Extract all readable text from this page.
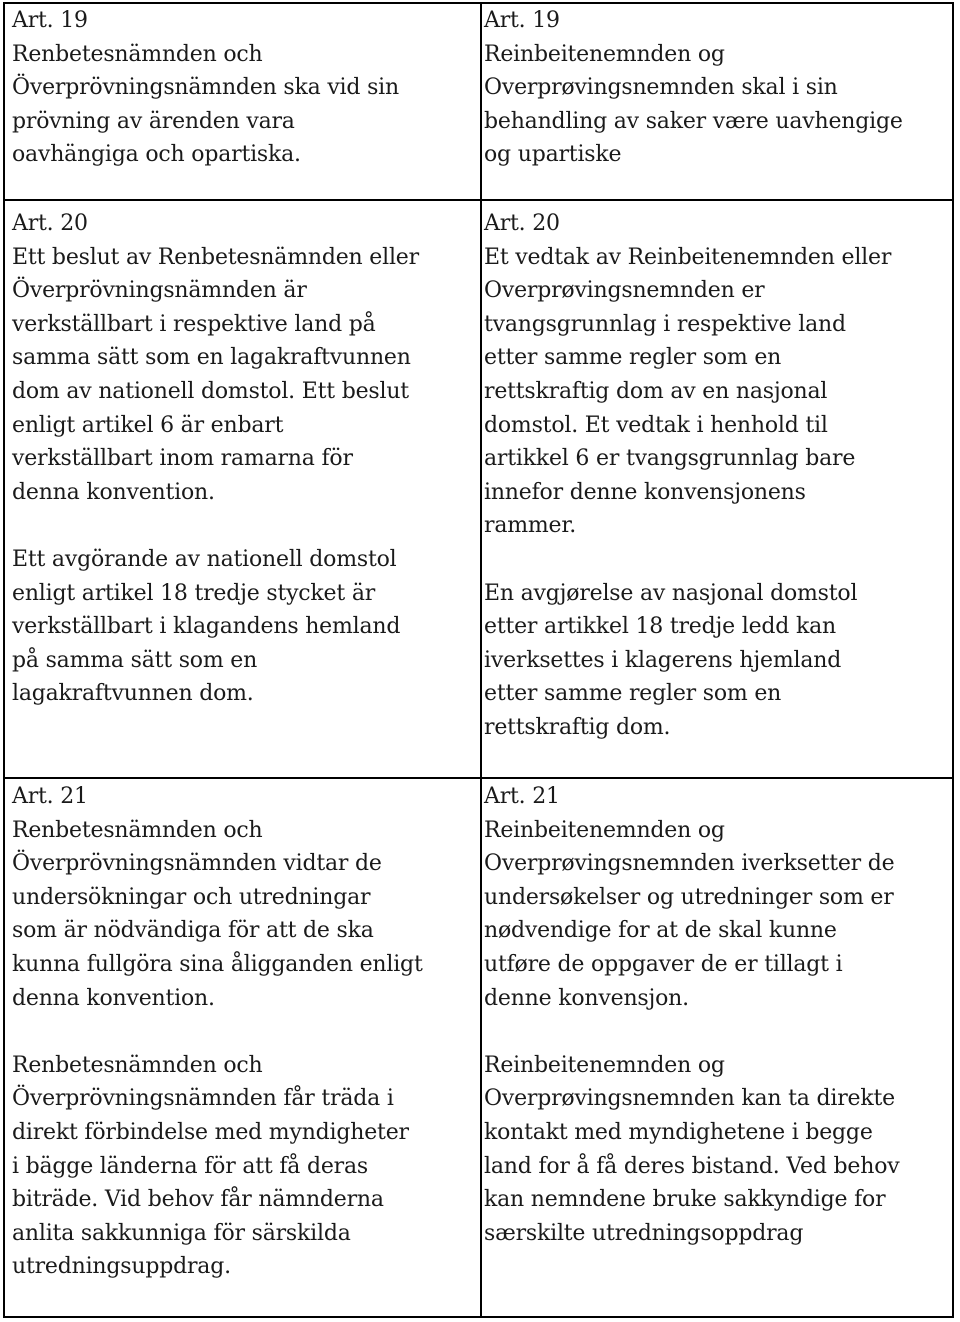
Art. 19
Renbetesnämnden och
Överprövningsnämnden ska vid sin
prövning av ärenden vara
oavhängiga och opartiska.

Art. 19
Reinbeitenemnden og
Overprøvingsnemnden skal i sin
behandling av saker være uavhengige
og upartiske

Art. 20
Ett beslut av Renbetesnämnden eller
Överprövningsnämnden är
verkställbart i respektive land på
samma sätt som en lagakraftvunnen
dom av nationell domstol. Ett beslut
enligt artikel 6 är enbart
verkställbart inom ramarna för
denna konvention.

Ett avgörande av nationell domstol
enligt artikel 18 tredje stycket är
verkställbart i klagandens hemland
på samma sätt som en
lagakraftvunnen dom.

Art. 20
Et vedtak av Reinbeitenemnden eller
Overprøvingsnemnden er
tvangsgrunnlag i respektive land
etter samme regler som en
rettskraftig dom av en nasjonal
domstol. Et vedtak i henhold til
artikkel 6 er tvangsgrunnlag bare
innefor denne konvensjonens
rammer.

En avgjørelse av nasjonal domstol
etter artikkel 18 tredje ledd kan
iverksettes i klagerens hjemland
etter samme regler som en
rettskraftig dom.

Art. 21
Renbetesnämnden och
Överprövningsnämnden vidtar de
undersökningar och utredningar
som är nödvändiga för att de ska
kunna fullgöra sina åligganden enligt
denna konvention.

Renbetesnämnden och
Överprövningsnämnden får träda i
direkt förbindelse med myndigheter
i bägge länderna för att få deras
biträde. Vid behov får nämnderna
anlita sakkunniga för särskilda
utredningsuppdrag.

Art. 21
Reinbeitenemnden og
Overprøvingsnemnden iverksetter de
undersøkelser og utredninger som er
nødvendige for at de skal kunne
utføre de oppgaver de er tillagt i
denne konvensjon.

Reinbeitenemnden og
Overprøvingsnemnden kan ta direkte
kontakt med myndighetene i begge
land for å få deres bistand. Ved behov
kan nemndene bruke sakkyndige for
særskilte utredningsoppdrag
